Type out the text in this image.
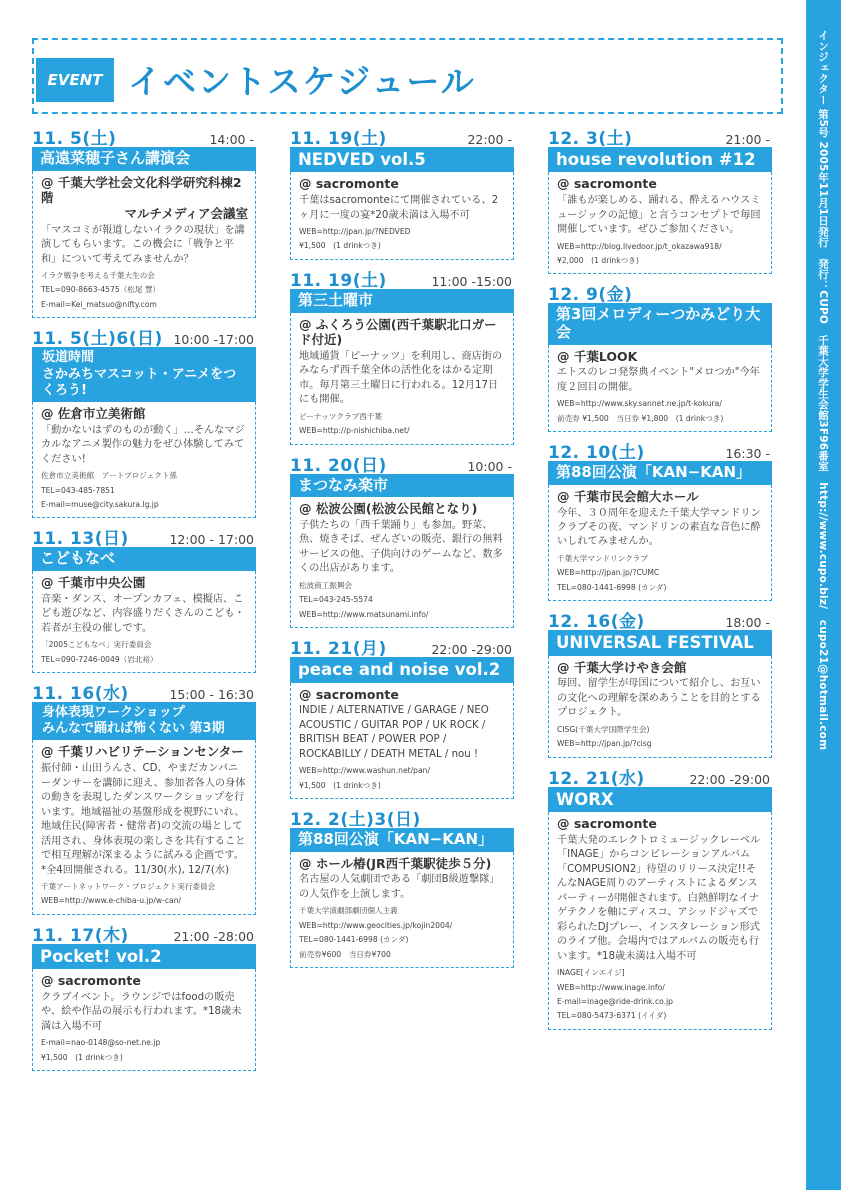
EVENT イベントスケジュール
11. 5(土)	14:00 -
高遠菜穂子さん講演会
@ 千葉大学社会文化科学研究科棟2階
マルチメディア会議室
「マスコミが報道しないイラクの現状」を講演してもらいます。この機会に「戦争と平和」について考えてみませんか？
イラク戦争を考える千葉大生の会
TEL=090-8663-4575（松尾 慧）
E-mail=Kei_matsuo@nifty.com
11. 5(土)6(日) 10:00 -17:00
坂道時間
さかみちマスコット・アニメをつくろう!
@ 佐倉市立美術館
「動かないはずのものが動く」…そんなマジカルなアニメ製作の魅力をぜひ体験してみてください!
佐倉市立美術館　アートプロジェクト係
TEL=043-485-7851
E-mail=muse@city.sakura.lg.jp
11. 13(日)	12:00 - 17:00
こどもなべ
@ 千葉市中央公園
音楽・ダンス、オープンカフェ、模擬店、こども遊びなど、内容盛りだくさんのこども・若者が主役の催しです。
「2005こどもなべ」実行委員会
TEL=090-7246-0049（岩北裕）
11. 16(水)	15:00 - 16:30
身体表現ワークショップ
みんなで踊れば怖くない 第3期
@ 千葉リハビリテーションセンター
振付師・山田うんさ、CD、やまだカンパニーダンサーを講師に迎え、参加者各人の身体の動きを表現したダンスワークショップを行います。地域福祉の基盤形成を視野にいれ、地域住民(障害者・健常者)の交流の場として活用され、身体表現の楽しさを共有することで相互理解が深まるように試みる企画です。*全4回開催される。11/30(水), 12/7(水)
千葉アートネットワーク・プロジェクト実行委員会
WEB=http://www.e-chiba-u.jp/w-can/
11. 17(木)	21:00 -28:00
Pocket! vol.2
@ sacromonte
クラブイベント。ラウンジではfoodの販売や、絵や作品の展示も行われます。*18歳未満は入場不可
E-mail=nao-0148@so-net.ne.jp
¥1,500　(1 drinkつき)
11. 19(土)	22:00 -
NEDVED vol.5
@ sacromonte
千葉はsacromonteにて開催されている、2ヶ月に一度の宴*20歳未満は入場不可
WEB=http://jpan.jp/?NEDVED
¥1,500　(1 drinkつき)
11. 19(土)	11:00 -15:00
第三土曜市
@ ふくろう公園(西千葉駅北口ガード付近)
地域通貨「ピーナッツ」を利用し、商店街のみならず西千葉全体の活性化をはかる定期市。毎月第三土曜日に行われる。12月17日にも開催。
ピーナッツクラブ西千葉
WEB=http://p-nishichiba.net/
11. 20(日)	10:00 -
まつなみ楽市
@ 松波公園(松波公民館となり)
子供たちの「西千葉踊り」も参加。野菜、魚、焼きそば、ぜんざいの販売、銀行の無料サービスの他、子供向けのゲームなど、数多くの出店があります。
松波商工振興会
TEL=043-245-5574
WEB=http://www.matsunami.info/
11. 21(月)	22:00 -29:00
peace and noise vol.2
@ sacromonte
INDIE / ALTERNATIVE / GARAGE / NEO ACOUSTIC / GUITAR POP / UK ROCK / BRITISH BEAT / POWER POP / ROCKABILLY / DEATH METAL / nou !
WEB=http://www.washun.net/pan/
¥1,500　(1 drinkつき)
12. 2(土)3(日)
第88回公演「KAN−KAN」
@ ホール椿(JR西千葉駅徒歩５分)
名古屋の人気劇団である「劇団B級遊撃隊」の人気作を上演します。
千葉大学演劇部劇団個人主義
WEB=http://www.geocities.jp/kojin2004/
TEL=080-1441-6998 (カンダ)
前売券¥600　当日券¥700
12. 3(土)	21:00 -
house revolution #12
@ sacromonte
「誰もが楽しめる、踊れる、酔えるハウスミュージックの記憶」と言うコンセプトで毎回開催しています。ぜひご参加ください。
WEB=http://blog.livedoor.jp/t_okazawa918/
¥2,000　(1 drinkつき)
12. 9(金)
第3回メロディーつかみどり大会
@ 千葉LOOK
エトスのレコ発祭典イベント"メロつか"今年度２回目の開催。
WEB=http://www.sky.sannet.ne.jp/t-kokura/
前売券 ¥1,500　当日券 ¥1,800　(1 drinkつき)
12. 10(土)	16:30 -
第88回公演「KAN−KAN」
@ 千葉市民会館大ホール
今年、３０周年を迎えた千葉大学マンドリンクラブその夜、マンドリンの素直な音色に酔いしれてみませんか。
千葉大学マンドリンクラブ
WEB=http://jpan.jp/?CUMC
TEL=080-1441-6998 (カンダ)
12. 16(金)	18:00 -
UNIVERSAL FESTIVAL
@ 千葉大学けやき会館
毎回、留学生が母国について紹介し、お互いの文化への理解を深めあうことを目的とするプロジェクト。
CISG(千葉大学国際学生会)
WEB=http://jpan.jp/?cisg
12. 21(水)	22:00 -29:00
WORX
@ sacromonte
千葉大発のエレクトロミュージックレーベル「INAGE」からコンピレーションアルバム「COMPUSION2」待望のリリース決定!!そんなNAGE周りのアーティストによるダンスパーティーが開催されます。白熱鮮明なイナゲテクノを軸にディスコ、アシッドジャズで彩られたDJプレー、インスタレーション形式のライブ他。会場内ではアルバムの販売も行います。*18歳未満は入場不可
INAGE[インエイジ]
WEB=http://www.inage.info/
E-mail=inage@ride-drink.co.jp
TEL=080-5473-6371 (イイダ)
インジェクター 第5号 2005年11月1日発行　発行：CUPO　千葉大学学生会館3F96番室　http://www.cupo.biz/　cupo21@hotmail.com
